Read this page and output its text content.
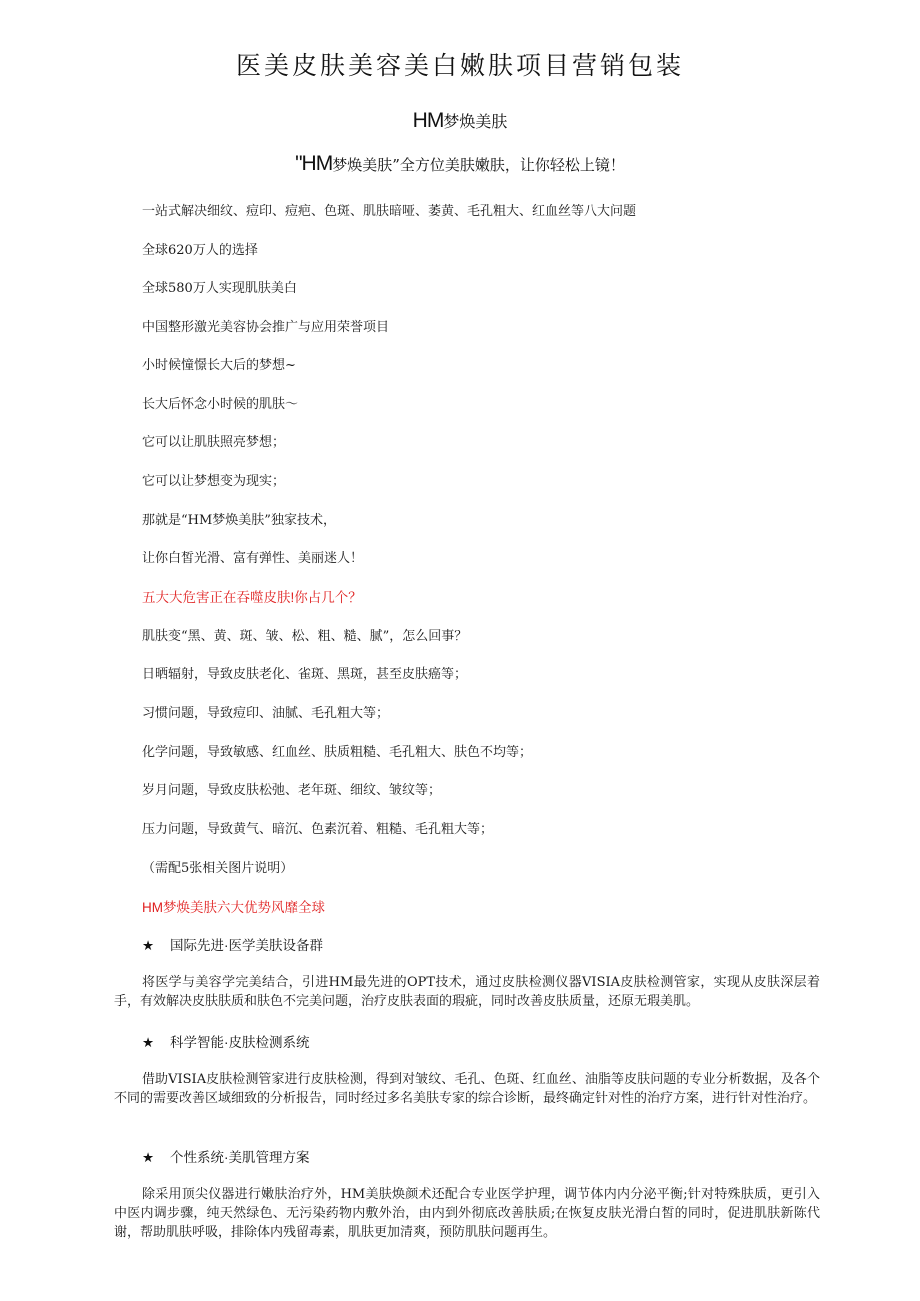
医美皮肤美容美白嫩肤项目营销包装
HM梦焕美肤
"HM梦焕美肤”全方位美肤嫩肤，让你轻松上镜！
一站式解决细纹、痘印、痘疤、色斑、肌肤暗哑、萎黄、毛孔粗大、红血丝等八大问题
全球620万人的选择
全球580万人实现肌肤美白
中国整形激光美容协会推广与应用荣誉项目
小时候憧憬长大后的梦想~
长大后怀念小时候的肌肤～
它可以让肌肤照亮梦想；
它可以让梦想变为现实；
那就是“HM梦焕美肤”独家技术，
让你白皙光滑、富有弹性、美丽迷人！
五大大危害正在吞噬皮肤!你占几个？
肌肤变“黑、黄、斑、皱、松、粗、糙、腻”，怎么回事？
日晒辐射，导致皮肤老化、雀斑、黑斑，甚至皮肤癌等；
习惯问题，导致痘印、油腻、毛孔粗大等；
化学问题，导致敏感、红血丝、肤质粗糙、毛孔粗大、肤色不均等；
岁月问题，导致皮肤松弛、老年斑、细纹、皱纹等；
压力问题，导致黄气、暗沉、色素沉着、粗糙、毛孔粗大等；
（需配5张相关图片说明）
HM梦焕美肤六大优势风靡全球
★ 国际先进·医学美肤设备群
将医学与美容学完美结合，引进HM最先进的OPT技术，通过皮肤检测仪器VISIA皮肤检测管家，实现从皮肤深层着手，有效解决皮肤肤质和肤色不完美问题，治疗皮肤表面的瑕疵，同时改善皮肤质量，还原无瑕美肌。
★ 科学智能·皮肤检测系统
借助VISIA皮肤检测管家进行皮肤检测，得到对皱纹、毛孔、色斑、红血丝、油脂等皮肤问题的专业分析数据，及各个不同的需要改善区域细致的分析报告，同时经过多名美肤专家的综合诊断，最终确定针对性的治疗方案，进行针对性治疗。
★ 个性系统·美肌管理方案
除采用顶尖仪器进行嫩肤治疗外，HM美肤焕颜术还配合专业医学护理，调节体内内分泌平衡;针对特殊肤质，更引入中医内调步骤，纯天然绿色、无污染药物内敷外治，由内到外彻底改善肤质;在恢复皮肤光滑白皙的同时，促进肌肤新陈代谢，帮助肌肤呼吸，排除体内残留毒素，肌肤更加清爽，预防肌肤问题再生。
